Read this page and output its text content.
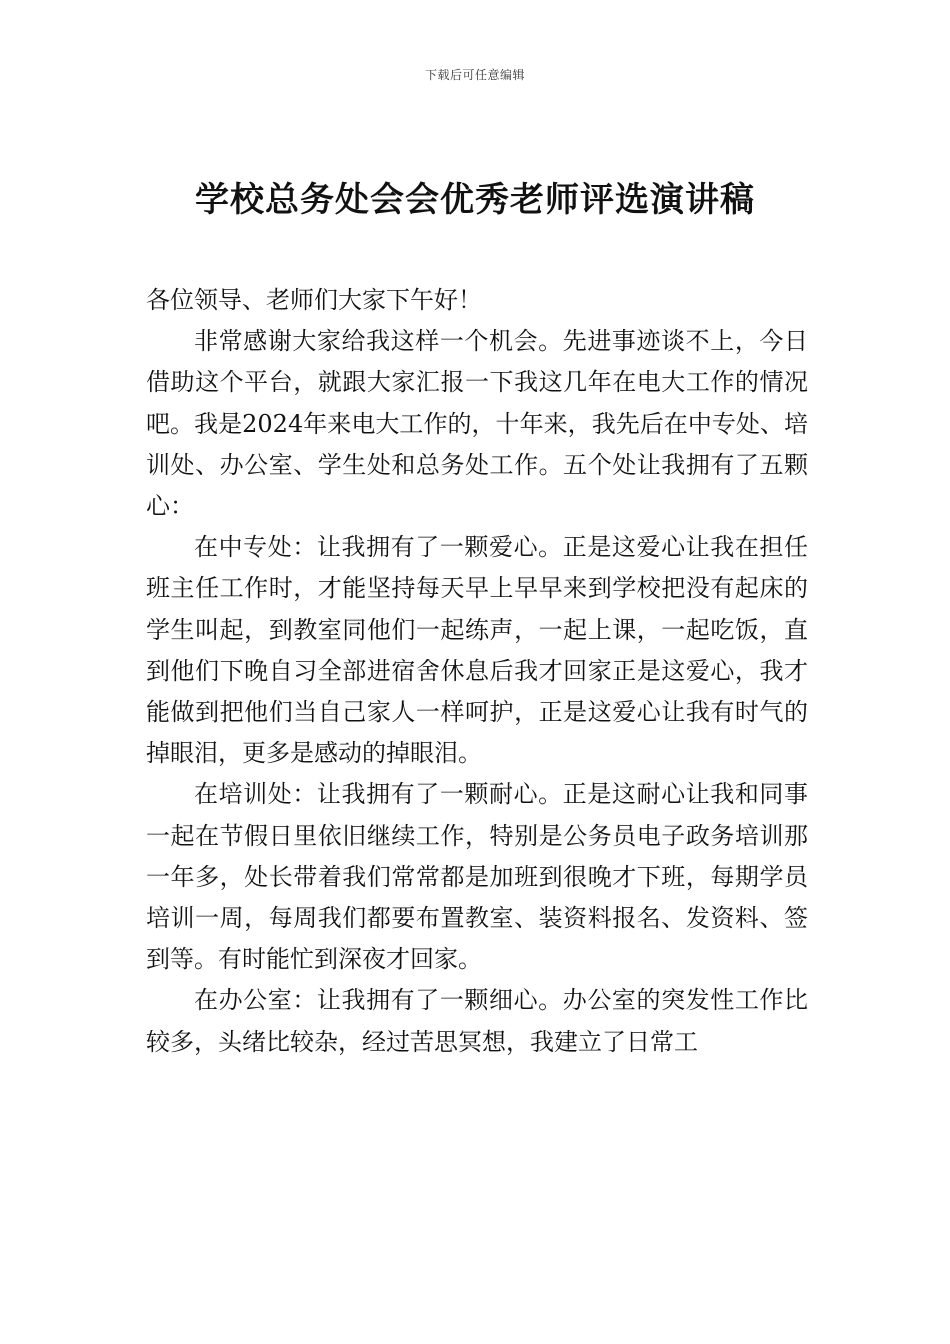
下载后可任意编辑
学校总务处会会优秀老师评选演讲稿

各位领导、老师们大家下午好！

非常感谢大家给我这样一个机会。先进事迹谈不上，今日借助这个平台，就跟大家汇报一下我这几年在电大工作的情况吧。我是2024年来电大工作的，十年来，我先后在中专处、培训处、办公室、学生处和总务处工作。五个处让我拥有了五颗心：

在中专处：让我拥有了一颗爱心。正是这爱心让我在担任班主任工作时，才能坚持每天早上早早来到学校把没有起床的学生叫起，到教室同他们一起练声，一起上课，一起吃饭，直到他们下晚自习全部进宿舍休息后我才回家正是这爱心，我才能做到把他们当自己家人一样呵护，正是这爱心让我有时气的掉眼泪，更多是感动的掉眼泪。

在培训处：让我拥有了一颗耐心。正是这耐心让我和同事一起在节假日里依旧继续工作，特别是公务员电子政务培训那一年多，处长带着我们常常都是加班到很晚才下班，每期学员培训一周，每周我们都要布置教室、装资料报名、发资料、签到等。有时能忙到深夜才回家。

在办公室：让我拥有了一颗细心。办公室的突发性工作比较多，头绪比较杂，经过苦思冥想，我建立了日常工
